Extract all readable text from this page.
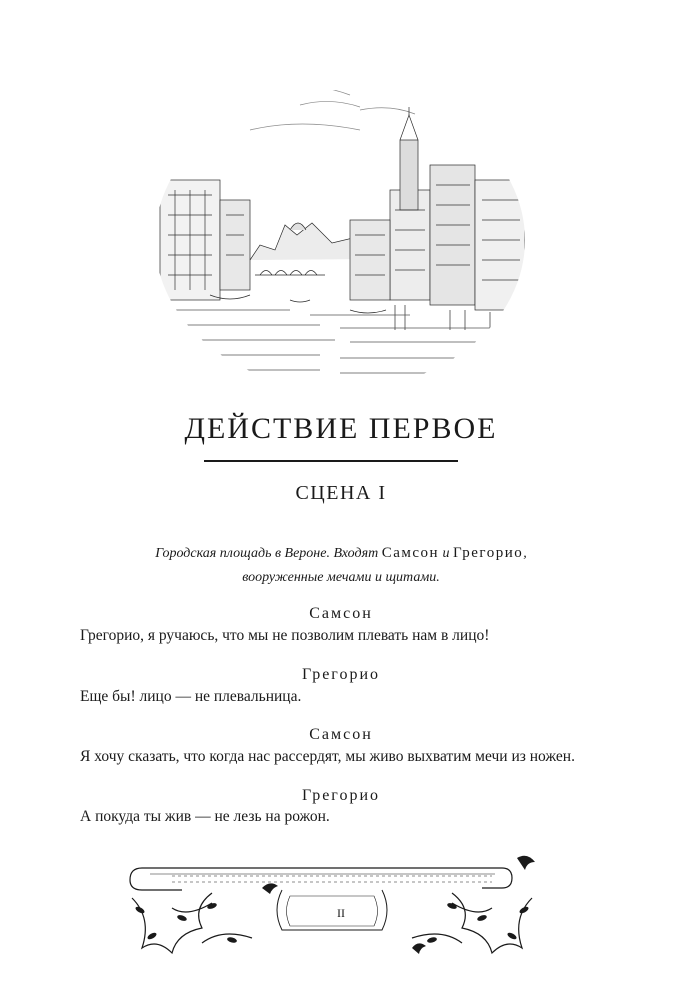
ДЕЙСТВИЕ ПЕРВОЕ
СЦЕНА I
Городская площадь в Вероне. Входят Самсон и Грегорио,
вооруженные мечами и щитами.
Самсон
Грегорио, я ручаюсь, что мы не позволим плевать нам в лицо!
Грегорио
Еще бы! лицо — не плевальница.
Самсон
Я хочу сказать, что когда нас рассердят, мы живо выхватим мечи из ножен.
Грегорио
А покуда ты жив — не лезь на рожон.
II
